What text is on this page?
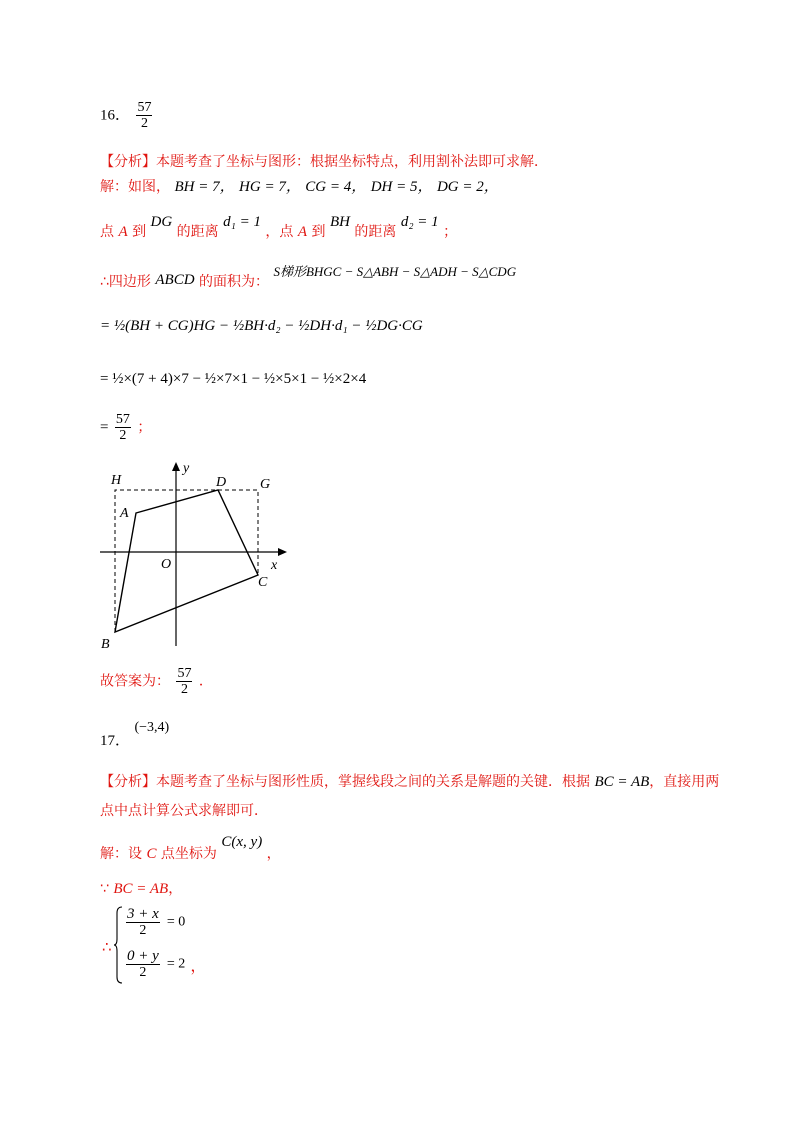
16． $\frac{57}{2}$
【分析】本题考查了坐标与图形：根据坐标特点，利用割补法即可求解．
解：如图， BH = 7， HG = 7， CG = 4， DH = 5， DG = 2，
点 A 到 DG 的距离 d₁ = 1 ，点 A 到 BH 的距离 d₂ = 1 ；
∴四边形 ABCD 的面积为： S梯形BHGC − S△ABH − S△ADH − S△CDG
= ½(BH + CG)HG − ½BH·d₂ − ½DH·d₁ − ½DG·CG
= ½×(7 + 4)×7 − ½×7×1 − ½×5×1 − ½×2×4
= $\frac{57}{2}$ ；
H	D G
A
y
O	x
C
B
故答案为： $\frac{57}{2}$ ．
17． (−3,4)
【分析】本题考查了坐标与图形性质，掌握线段之间的关系是解题的关键．根据 BC = AB，直接用两
点中点计算公式求解即可．
解：设 C 点坐标为 C(x, y) ，
∵ BC = AB，
∴
$\frac{3 + x}{2} = 0$
$\frac{0 + y}{2} = 2$ ，
